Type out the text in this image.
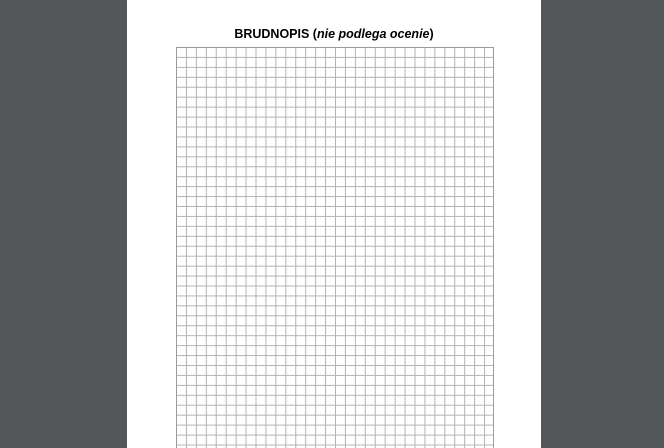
BRUDNOPIS (nie podlega ocenie)
